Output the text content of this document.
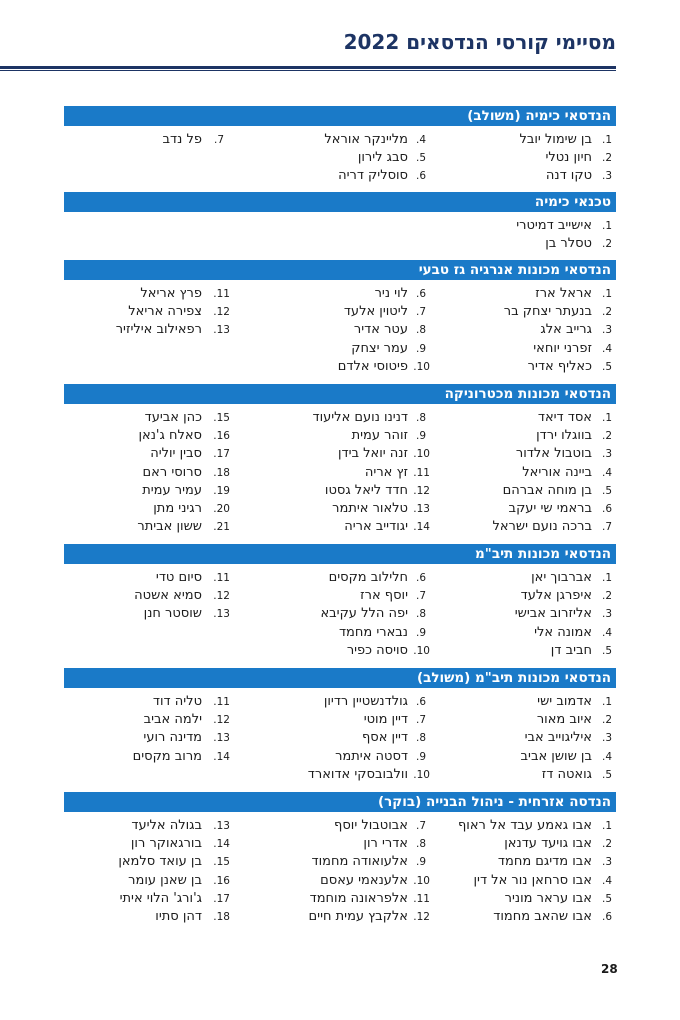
מסיימי קורסי הנדסאים 2022
הנדסאי כימיה (משולב)
1.
בן שימול יובל
2.
חיון נטלי
3.
טקו דנה
4.
מליינקר אוראל
5.
סבג לירון
6.
סוסליק דריה
7.
פל נדב
טכנאי כימיה
1.
אישייב דמיטרי
2.
טסלר בן
הנדסאי מכונות אנרגיה גז טבעי
1.
אראל ארז
2.
בנעתר יצחק בר
3.
גרייב אלג
4.
זפרני יוחאי
5.
כאליף אדיר
6.
לוי ניר
7.
ליטוין אלעד
8.
עטר אדיר
9.
עמר יצחק
10.
פיטוסי אלדם
11.
פרץ אריאל
12.
צפירה אריאל
13.
רפאילוב איליזיר
הנדסאי מכונות מכטרוניקה
1.
אסד דיאד
2.
בווגלו ירדן
3.
בוטבול אלדור
4.
ביינה אוריאל
5.
בן מוחה אברהם
6.
בראמי שי יעקב
7.
ברכה נועם ישראל
8.
דנינו נועם אליעוד
9.
זוהר עמית
10.
זנה יואל בידן
11.
זץ אריה
12.
חדד ליאל גסטו
13.
טלאור איתמר
14.
יגודייב אריה
15.
כהן אביעד
16.
סאלח ג'נאן
17.
סבין יוליה
18.
סרוסי ראם
19.
עמיר עמית
20.
רגיני מתן
21.
ששון אביתר
הנדסאי מכונות תיב"מ
1.
אברבוך יאן
2.
איפרגן אלעד
3.
אליזרוב אבישי
4.
אמונה אלי
5.
חביב דן
6.
חלילוב מקסים
7.
יוסף ארז
8.
יפה הלל עקיבא
9.
נבארי מחמד
10.
סויסה כפיר
11.
סיום טדי
12.
סמיא אשטה
13.
שוסטר חנן
הנדסאי מכונות תיב"מ (משולב)
1.
אדמוב ישי
2.
איוב מאור
3.
איליגוייב אבי
4.
בן שושן אביב
5.
גואטה דז
6.
גולדנשטיין רדיון
7.
דיין מוטי
8.
דיין אסף
9.
דסטה איתמר
10.
וולבובסקי אדוארד
11.
טליה דוד
12.
ילמה אביב
13.
מדינה רועי
14.
מרוב מקסים
הנדסה אזרחית - ניהול הבנייה (בוקר)
1.
אבו גאמע עבד אל ראוף
2.
אבו גויעד עדנאן
3.
אבו מדיגם מחמד
4.
אבו סרחאן נור אל דין
5.
אבו עראר מוניר
6.
אבו שהאב מחמוד
7.
אבוטבול יוסף
8.
אדרי רון
9.
אלעואודה מחמוד
10.
אלענאמי עאסם
11.
אלפראונה מוחמד
12.
אלקבץ עמית חיים
13.
בגולה אליעד
14.
בורגאוקר רון
15.
בן עואד סלמאן
16.
בן שאנן עומר
17.
ג'ורג' הלוי איתי
18.
דהן סתיו
28
